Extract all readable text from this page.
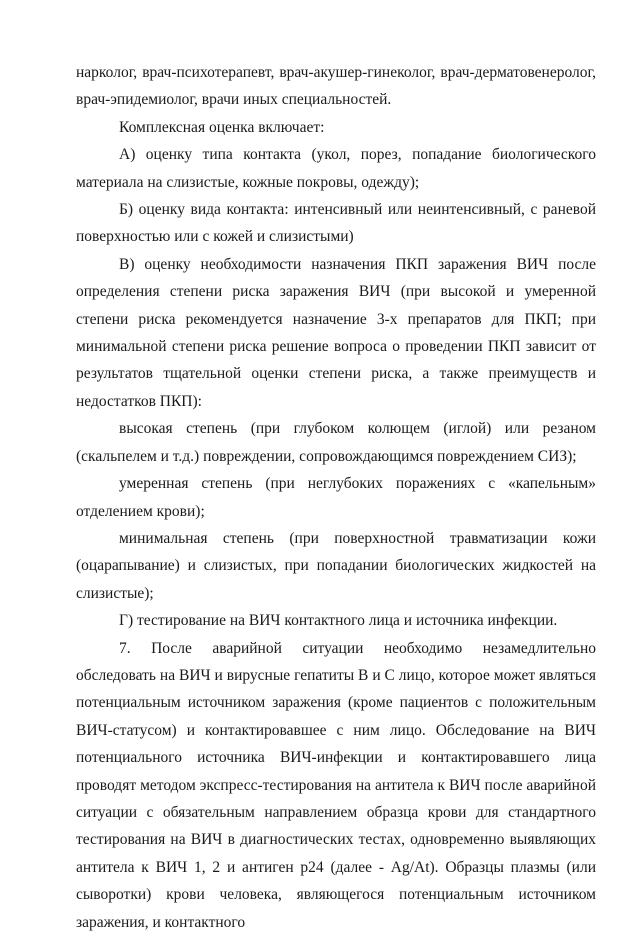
нарколог, врач-психотерапевт, врач-акушер-гинеколог, врач-дерматовенеролог, врач-эпидемиолог, врачи иных специальностей.

Комплексная оценка включает:

А) оценку типа контакта (укол, порез, попадание биологического материала на слизистые, кожные покровы, одежду);

Б) оценку вида контакта: интенсивный или неинтенсивный, с раневой поверхностью или с кожей и слизистыми)

В) оценку необходимости назначения ПКП заражения ВИЧ после определения степени риска заражения ВИЧ (при высокой и умеренной степени риска рекомендуется назначение 3-х препаратов для ПКП; при минимальной степени риска решение вопроса о проведении ПКП зависит от результатов тщательной оценки степени риска, а также преимуществ и недостатков ПКП):

высокая степень (при глубоком колющем (иглой) или резаном (скальпелем и т.д.) повреждении, сопровождающимся повреждением СИЗ);

умеренная степень (при неглубоких поражениях с «капельным» отделением крови);

минимальная степень (при поверхностной травматизации кожи (оцарапывание) и слизистых, при попадании биологических жидкостей на слизистые);

Г) тестирование на ВИЧ контактного лица и источника инфекции.

7. После аварийной ситуации необходимо незамедлительно обследовать на ВИЧ и вирусные гепатиты В и С лицо, которое может являться потенциальным источником заражения (кроме пациентов с положительным ВИЧ-статусом) и контактировавшее с ним лицо. Обследование на ВИЧ потенциального источника ВИЧ-инфекции и контактировавшего лица проводят методом экспресс-тестирования на антитела к ВИЧ после аварийной ситуации с обязательным направлением образца крови для стандартного тестирования на ВИЧ в диагностических тестах, одновременно выявляющих антитела к ВИЧ 1, 2 и антиген р24 (далее - Ag/At). Образцы плазмы (или сыворотки) крови человека, являющегося потенциальным источником заражения, и контактного
